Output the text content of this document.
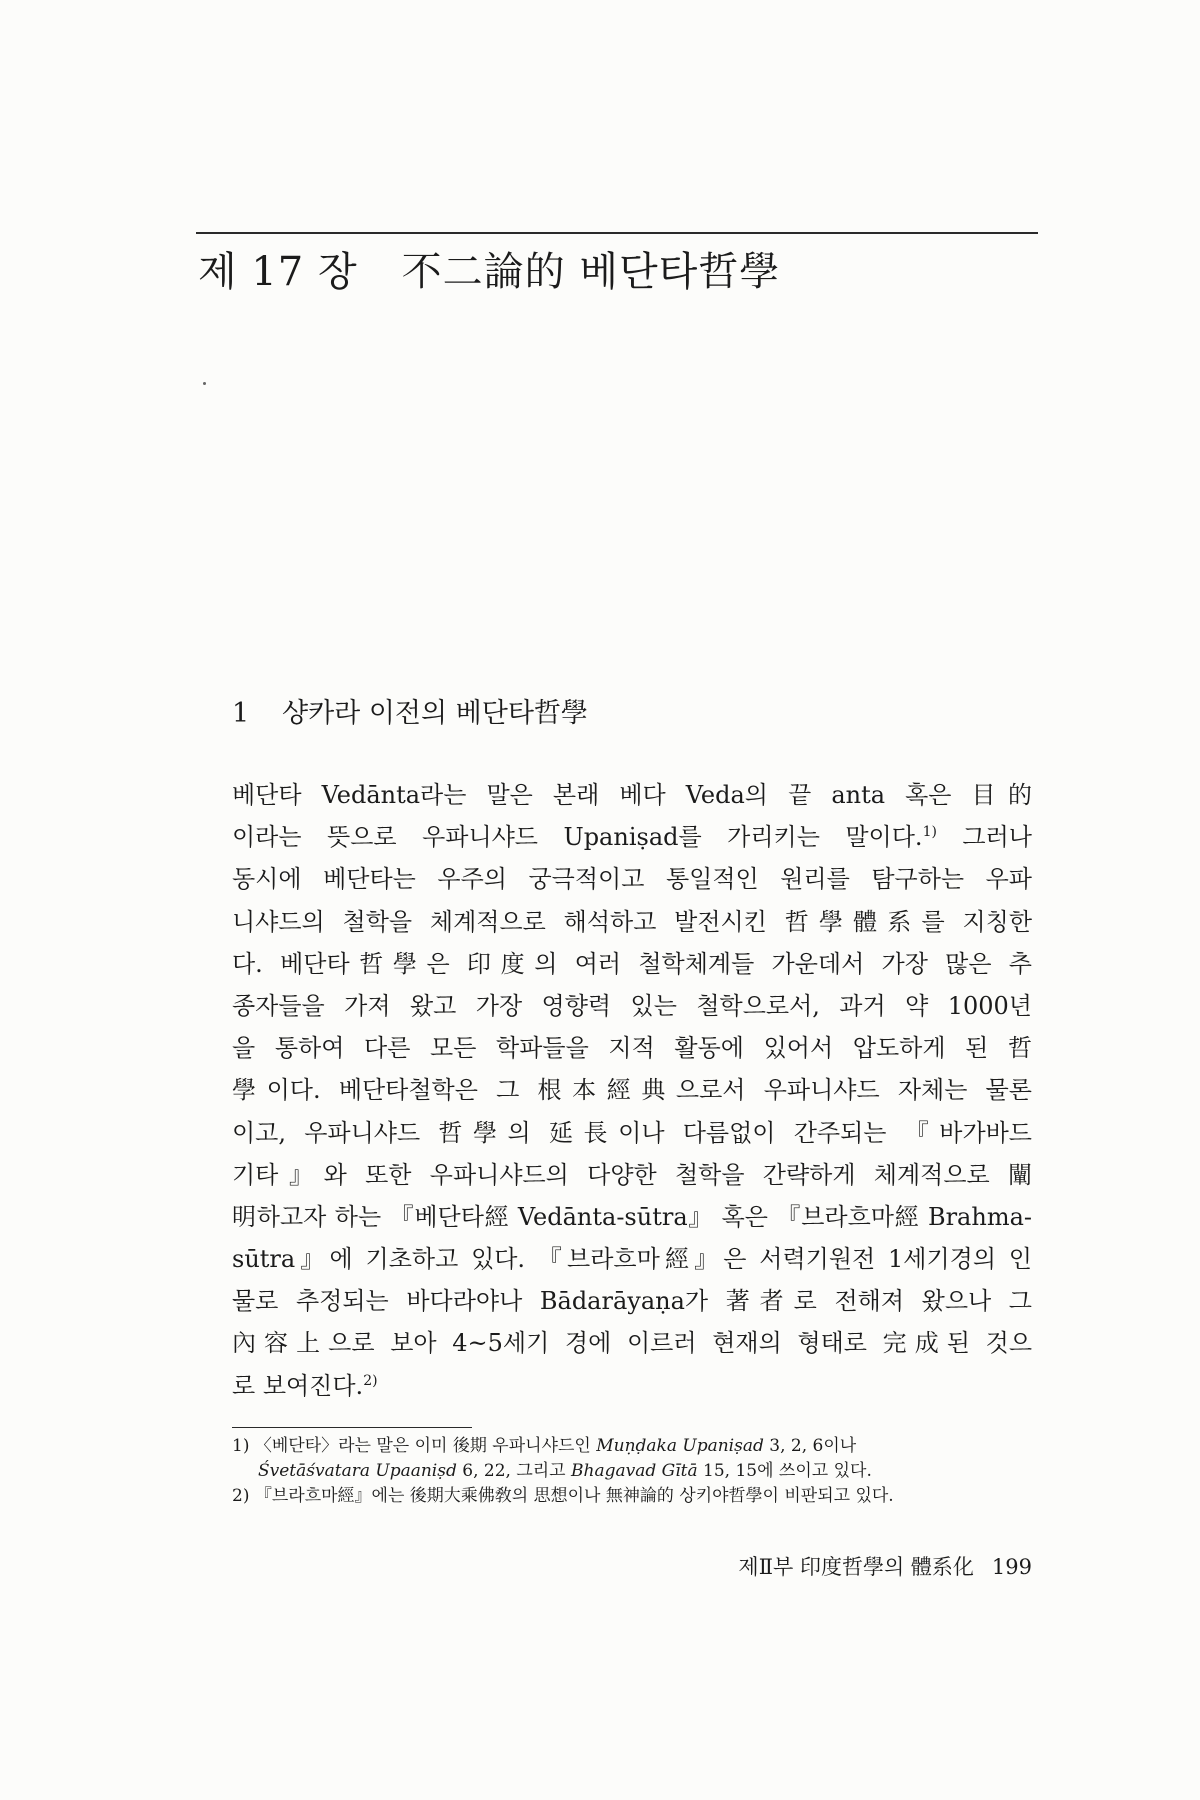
제 17 장 不二論的 베단타哲學
1 샹카라 이전의 베단타哲學
베단타 Vedānta라는 말은 본래 베다 Veda의 끝 anta 혹은 目的
이라는 뜻으로 우파니샤드 Upaniṣad를 가리키는 말이다.$^{1)}$ 그러나
동시에 베단타는 우주의 궁극적이고 통일적인 원리를 탐구하는 우파
니샤드의 철학을 체계적으로 해석하고 발전시킨 哲學體系를 지칭한
다. 베단타哲學은 印度의 여러 철학체계들 가운데서 가장 많은 추
종자들을 가져 왔고 가장 영향력 있는 철학으로서, 과거 약 1000년
을 통하여 다른 모든 학파들을 지적 활동에 있어서 압도하게 된 哲
學이다. 베단타철학은 그 根本經典으로서 우파니샤드 자체는 물론
이고, 우파니샤드 哲學의 延長이나 다름없이 간주되는 『바가바드
기타』와 또한 우파니샤드의 다양한 철학을 간략하게 체계적으로 闡
明하고자 하는 『베단타經 Vedānta-sūtra』 혹은 『브라흐마經 Brahma-
sūtra』에 기초하고 있다. 『브라흐마經』은 서력기원전 1세기경의 인
물로 추정되는 바다라야나 Bādarāyaṇa가 著者로 전해져 왔으나 그
內容上으로 보아 4~5세기 경에 이르러 현재의 형태로 完成된 것으
로 보여진다.$^{2)}$
1) 〈베단타〉라는 말은 이미 後期 우파니샤드인 Muṇḍaka Upaniṣad 3, 2, 6이나
Śvetāśvatara Upaaniṣd 6, 22, 그리고 Bhagavad Gītā 15, 15에 쓰이고 있다.
2) 『브라흐마經』에는 後期大乘佛敎의 思想이나 無神論的 상키야哲學이 비판되고 있다.
제Ⅱ부 印度哲學의 體系化 199
